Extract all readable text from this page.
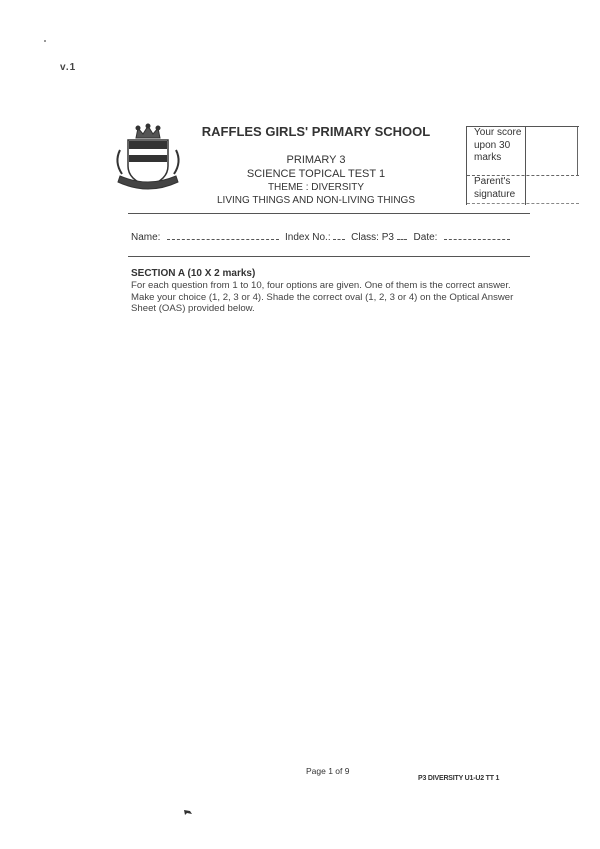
v.1
RAFFLES GIRLS' PRIMARY SCHOOL
PRIMARY 3
SCIENCE TOPICAL TEST 1
THEME : DIVERSITY
LIVING THINGS AND NON-LIVING THINGS
Your score upon 30 marks
Parent's signature
Name:	Index No.: Class: P3 Date:
SECTION A (10 X 2 marks)
For each question from 1 to 10, four options are given. One of them is the correct answer. Make your choice (1, 2, 3 or 4). Shade the correct oval (1, 2, 3 or 4) on the Optical Answer Sheet (OAS) provided below.
Page 1 of 9
P3 DIVERSITY U1-U2 TT 1
